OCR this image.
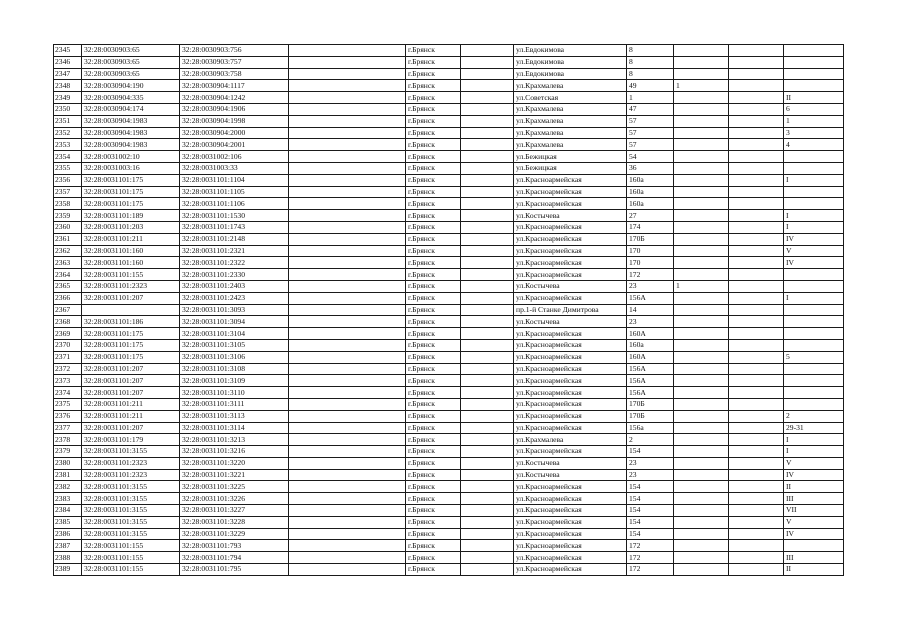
2345	32:28:0030903:65	32:28:0030903:756		г.Брянск		ул.Евдокимова	8			
2346	32:28:0030903:65	32:28:0030903:757		г.Брянск		ул.Евдокимова	8			
2347	32:28:0030903:65	32:28:0030903:758		г.Брянск		ул.Евдокимова	8			
2348	32:28:0030904:190	32:28:0030904:1117		г.Брянск		ул.Крахмалева	49	1		
2349	32:28:0030904:335	32:28:0030904:1242		г.Брянск		ул.Советская	1			II
2350	32:28:0030904:174	32:28:0030904:1906		г.Брянск		ул.Крахмалева	47			6
2351	32:28:0030904:1983	32:28:0030904:1998		г.Брянск		ул.Крахмалева	57			1
2352	32:28:0030904:1983	32:28:0030904:2000		г.Брянск		ул.Крахмалева	57			3
2353	32:28:0030904:1983	32:28:0030904:2001		г.Брянск		ул.Крахмалева	57			4
2354	32:28:0031002:10	32:28:0031002:106		г.Брянск		ул.Бежицкая	54			
2355	32:28:0031003:16	32:28:0031003:33		г.Брянск		ул.Бежицкая	36			
2356	32:28:0031101:175	32:28:0031101:1104		г.Брянск		ул.Красноармейская	160а			I
2357	32:28:0031101:175	32:28:0031101:1105		г.Брянск		ул.Красноармейская	160а			
2358	32:28:0031101:175	32:28:0031101:1106		г.Брянск		ул.Красноармейская	160а			
2359	32:28:0031101:189	32:28:0031101:1530		г.Брянск		ул.Костычева	27			I
2360	32:28:0031101:203	32:28:0031101:1743		г.Брянск		ул.Красноармейская	174			I
2361	32:28:0031101:211	32:28:0031101:2148		г.Брянск		ул.Красноармейская	170Б			IV
2362	32:28:0031101:160	32:28:0031101:2321		г.Брянск		ул.Красноармейская	170			V
2363	32:28:0031101:160	32:28:0031101:2322		г.Брянск		ул.Красноармейская	170			IV
2364	32:28:0031101:155	32:28:0031101:2330		г.Брянск		ул.Красноармейская	172			
2365	32:28:0031101:2323	32:28:0031101:2403		г.Брянск		ул.Костычева	23	1		
2366	32:28:0031101:207	32:28:0031101:2423		г.Брянск		ул.Красноармейская	156А			I
2367		32:28:0031101:3093		г.Брянск		пр.1-й Станке Димитрова	14			
2368	32:28:0031101:186	32:28:0031101:3094		г.Брянск		ул.Костычева	23			
2369	32:28:0031101:175	32:28:0031101:3104		г.Брянск		ул.Красноармейская	160А			
2370	32:28:0031101:175	32:28:0031101:3105		г.Брянск		ул.Красноармейская	160а			
2371	32:28:0031101:175	32:28:0031101:3106		г.Брянск		ул.Красноармейская	160А			5
2372	32:28:0031101:207	32:28:0031101:3108		г.Брянск		ул.Красноармейская	156А			
2373	32:28:0031101:207	32:28:0031101:3109		г.Брянск		ул.Красноармейская	156А			
2374	32:28:0031101:207	32:28:0031101:3110		г.Брянск		ул.Красноармейская	156А			
2375	32:28:0031101:211	32:28:0031101:3111		г.Брянск		ул.Красноармейская	170Б			
2376	32:28:0031101:211	32:28:0031101:3113		г.Брянск		ул.Красноармейская	170Б			2
2377	32:28:0031101:207	32:28:0031101:3114		г.Брянск		ул.Красноармейская	156а			29-31
2378	32:28:0031101:179	32:28:0031101:3213		г.Брянск		ул.Крахмалева	2			I
2379	32:28:0031101:3155	32:28:0031101:3216		г.Брянск		ул.Красноармейская	154			I
2380	32:28:0031101:2323	32:28:0031101:3220		г.Брянск		ул.Костычева	23			V
2381	32:28:0031101:2323	32:28:0031101:3221		г.Брянск		ул.Костычева	23			IV
2382	32:28:0031101:3155	32:28:0031101:3225		г.Брянск		ул.Красноармейская	154			II
2383	32:28:0031101:3155	32:28:0031101:3226		г.Брянск		ул.Красноармейская	154			III
2384	32:28:0031101:3155	32:28:0031101:3227		г.Брянск		ул.Красноармейская	154			VII
2385	32:28:0031101:3155	32:28:0031101:3228		г.Брянск		ул.Красноармейская	154			V
2386	32:28:0031101:3155	32:28:0031101:3229		г.Брянск		ул.Красноармейская	154			IV
2387	32:28:0031101:155	32:28:0031101:793		г.Брянск		ул.Красноармейская	172			
2388	32:28:0031101:155	32:28:0031101:794		г.Брянск		ул.Красноармейская	172			III
2389	32:28:0031101:155	32:28:0031101:795		г.Брянск		ул.Красноармейская	172			II
